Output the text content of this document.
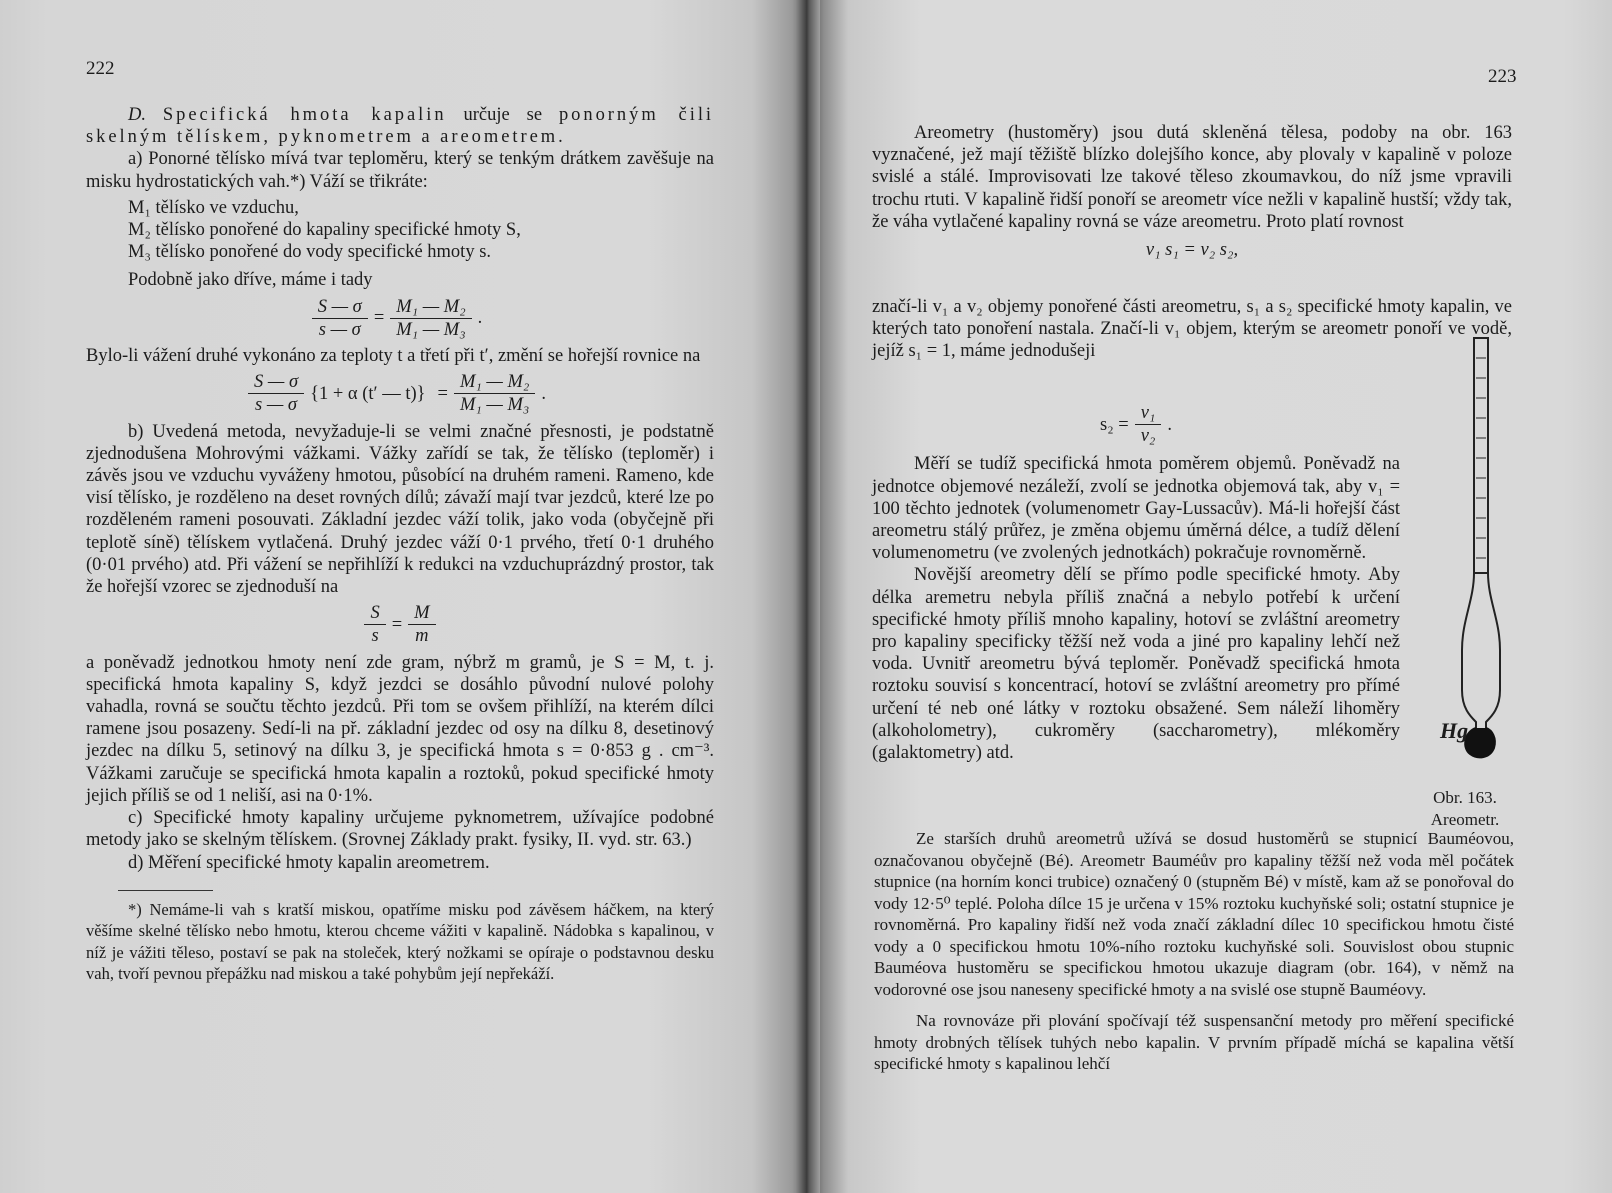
222

D. Specifická hmota kapalin určuje se ponorným čili skelným tělískem, pyknometrem a areometrem.

a) Ponorné tělísko mívá tvar teploměru, který se tenkým drátkem zavěšuje na misku hydrostatických vah.*) Váží se třikráte:

M₁ tělísko ve vzduchu,

M₂ tělísko ponořené do kapaliny specifické hmoty S,

M₃ tělísko ponořené do vody specifické hmoty s.

Podobně jako dříve, máme i tady

$\frac{S — \sigma}{s — \sigma} = \frac{\text{M₁ — M₂}}{\text{M₁ — M₃}}$ .

Bylo-li vážení druhé vykonáno za teploty t a třetí při t′, změní se hořejší rovnice na

$\frac{S — \sigma}{s — \sigma} \{1 + \alpha$ (t′ — $t)\} = \frac{\text{M₁ — M₂}}{\text{M₁ — M₃}}$ .

b) Uvedená metoda, nevyžaduje-li se velmi značné přesnosti, je podstatně zjednodušena Mohrovými vážkami. Vážky zařídí se tak, že tělísko (teploměr) i závěs jsou ve vzduchu vyváženy hmotou, působící na druhém rameni. Rameno, kde visí tělísko, je rozděleno na deset rovných dílů; závaží mají tvar jezdců, které lze po rozděleném rameni posouvati. Základní jezdec váží tolik, jako voda (obyčejně při teplotě síně) tělískem vytlačená. Druhý jezdec váží 0·1 prvého, třetí 0·1 druhého (0·01 prvého) atd. Při vážení se nepřihlíží k redukci na vzduchuprázdný prostor, tak že hořejší vzorec se zjednoduší na

$\frac{S}{s} = \frac{M}{m}$

a poněvadž jednotkou hmoty není zde gram, nýbrž m gramů, je S = M, t. j. specifická hmota kapaliny S, když jezdci se dosáhlo původní nulové polohy vahadla, rovná se součtu těchto jezdců. Při tom se ovšem přihlíží, na kterém dílci ramene jsou posazeny. Sedí-li na př. základní jezdec od osy na dílku 8, desetinový jezdec na dílku 5, setinový na dílku 3, je specifická hmota s = 0·853 g . cm⁻³. Vážkami zaručuje se specifická hmota kapalin a roztoků, pokud specifické hmoty jejich příliš se od 1 neliší, asi na 0·1%.

c) Specifické hmoty kapaliny určujeme pyknometrem, užívajíce podobné metody jako se skelným tělískem. (Srovnej Základy prakt. fysiky, II. vyd. str. 63.)

d) Měření specifické hmoty kapalin areometrem.

*) Nemáme-li vah s kratší miskou, opatříme misku pod závěsem háčkem, na který věšíme skelné tělísko nebo hmotu, kterou chceme vážiti v kapalině. Nádobka s kapalinou, v níž je vážiti těleso, postaví se pak na stoleček, který nožkami se opíraje o podstavnou desku vah, tvoří pevnou přepážku nad miskou a také pohybům její nepřekáží.

223

Areometry (hustoměry) jsou dutá skleněná tělesa, podoby na obr. 163 vyznačené, jež mají těžiště blízko dolejšího konce, aby plovaly v kapalině v poloze svislé a stálé. Improvisovati lze takové těleso zkoumavkou, do níž jsme vpravili trochu rtuti. V kapalině řidší ponoří se areometr více nežli v kapalině hustší; vždy tak, že váha vytlačené kapaliny rovná se váze areometru. Proto platí rovnost

v₁ s₁ = v₂ s₂,

značí-li v₁ a v₂ objemy ponořené části areometru, s₁ a s₂ specifické hmoty kapalin, ve kterých tato ponoření nastala. Značí-li v₁ objem, kterým se areometr ponoří ve vodě, jejíž s₁ = 1, máme jednodušeji

$s_2 = \frac{\text{v₁}}{\text{v₂}}$ .

Měří se tudíž specifická hmota poměrem objemů. Poněvadž na jednotce objemové nezáleží, zvolí se jednotka objemová tak, aby v₁ = 100 těchto jednotek (volumenometr Gay-Lussacův). Má-li hořejší část areometru stálý průřez, je změna objemu úměrná délce, a tudíž dělení volumenometru (ve zvolených jednotkách) pokračuje rovnoměrně.

Novější areometry dělí se přímo podle specifické hmoty. Aby délka aremetru nebyla příliš značná a nebylo potřebí k určení specifické hmoty příliš mnoho kapaliny, hotoví se zvláštní areometry pro kapaliny specificky těžší než voda a jiné pro kapaliny lehčí než voda. Uvnitř areometru bývá teploměr. Poněvadž specifická hmota roztoku souvisí s koncentrací, hotoví se zvláštní areometry pro přímé určení té neb oné látky v roztoku obsažené. Sem náleží lihoměry (alkoholometry), cukroměry (saccharometry), mlékoměry (galaktometry) atd.

Ze starších druhů areometrů užívá se dosud hustoměrů se stupnicí Bauméovou, označovanou obyčejně (Bé). Areometr Bauméův pro kapaliny těžší než voda měl počátek stupnice (na horním konci trubice) označený 0 (stupněm Bé) v místě, kam až se ponořoval do vody 12·5⁰ teplé. Poloha dílce 15 je určena v 15% roztoku kuchyňské soli; ostatní stupnice je rovnoměrná. Pro kapaliny řidší než voda značí základní dílec 10 specifickou hmotu čisté vody a 0 specifickou hmotu 10%-ního roztoku kuchyňské soli. Souvislost obou stupnic Bauméova hustoměru se specifickou hmotou ukazuje diagram (obr. 164), v němž na vodorovné ose jsou naneseny specifické hmoty a na svislé ose stupně Bauméovy.

Na rovnováze při plování spočívají též suspensanční metody pro měření specifické hmoty drobných tělísek tuhých nebo kapalin. V prvním případě míchá se kapalina větší specifické hmoty s kapalinou lehčí

Hg
Obr. 163.
Areometr.
